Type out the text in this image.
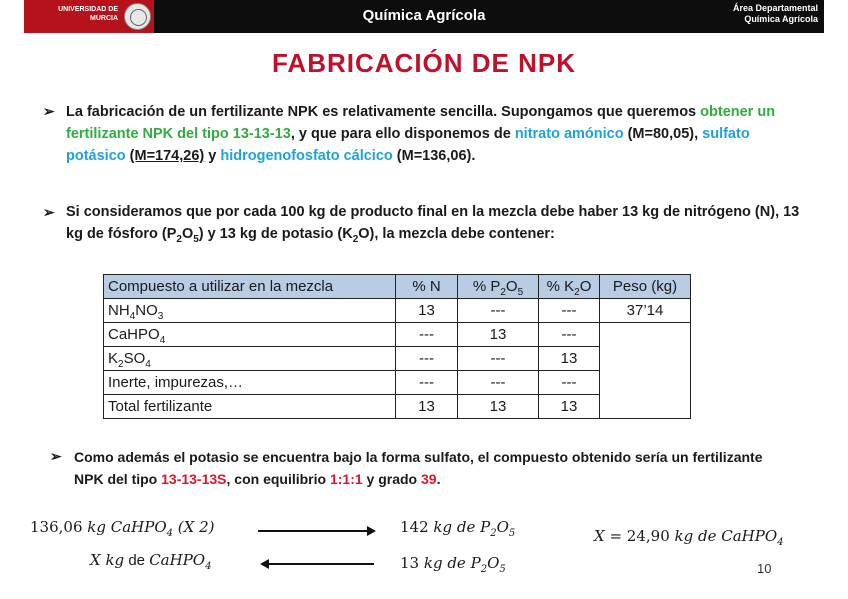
UNIVERSIDAD DE MURCIA	Química Agrícola	Área Departamental
Química Agrícola
FABRICACIÓN DE NPK
➢ La fabricación de un fertilizante NPK es relativamente sencilla. Supongamos que queremos obtener un fertilizante NPK del tipo 13-13-13, y que para ello disponemos de nitrato amónico (M=80,05), sulfato potásico (M=174,26) y hidrogenofosfato cálcico (M=136,06).
➢ Si consideramos que por cada 100 kg de producto final en la mezcla debe haber 13 kg de nitrógeno (N), 13 kg de fósforo $(P_2O_5)$ y 13 kg de potasio $(K_2O)$, la mezcla debe contener:
Compuesto a utilizar en la mezcla	% N	% $P_2O_5$	% $K_2O$	Peso (kg)
$NH_4NO_3$	13	---	---	37’14
CaHPO$_4$	---	13	---	
$K_2SO_4$	---	---	13	
Inerte, impurezas,…	---	---	---	
Total fertilizante	13	13	13	
➢ Como además el potasio se encuentra bajo la forma sulfato, el compuesto obtenido sería un fertilizante NPK del tipo 13-13-13S, con equilibrio 1:1:1 y grado 39.
136,06 kg CaHPO$_4$ (X 2)	142 kg de $P_2O_5$
X kg de CaHPO$_4$	13 kg de $P_2O_5$
X = 24,90 kg de CaHPO$_4$
10
